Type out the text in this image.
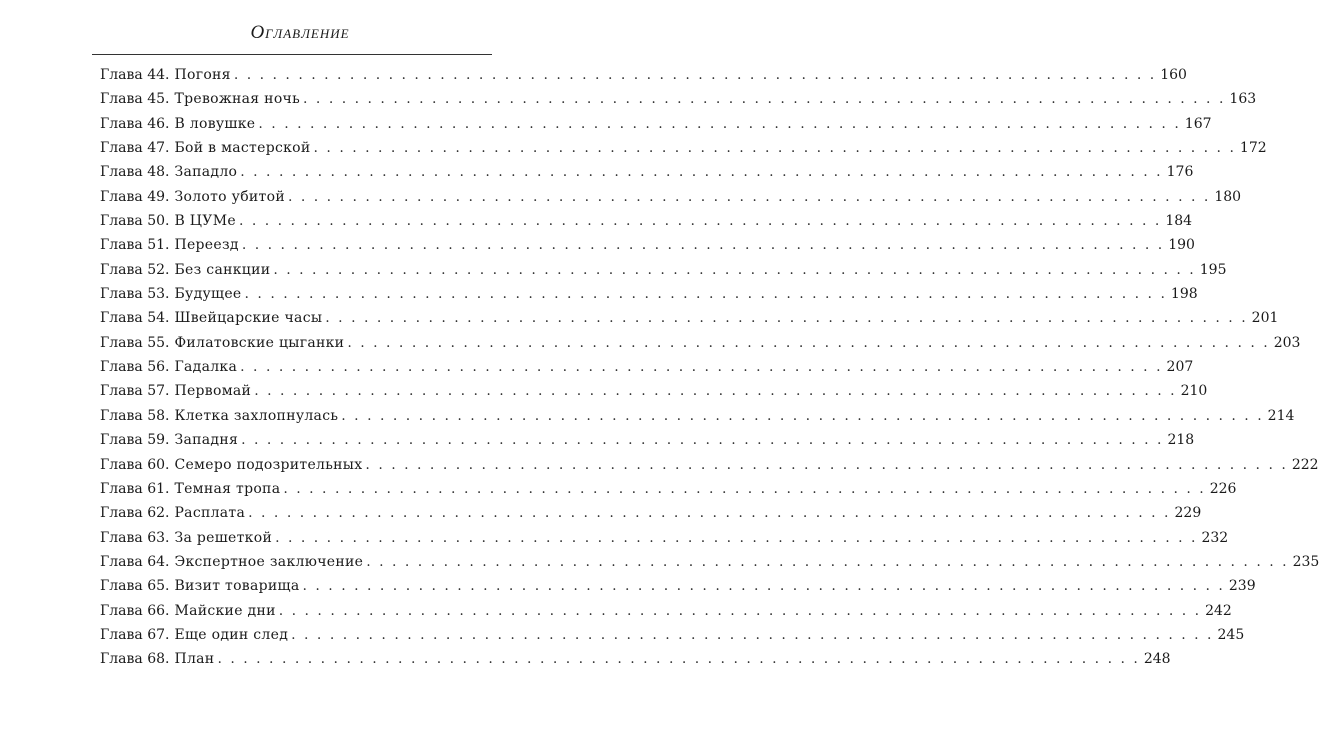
Оглавление
Глава 44. Погоня . . .	160
Глава 45. Тревожная ночь . . .	163
Глава 46. В ловушке . . .	167
Глава 47. Бой в мастерской . . .	172
Глава 48. Западло . . .	176
Глава 49. Золото убитой . . .	180
Глава 50. В ЦУМе . . .	184
Глава 51. Переезд . . .	190
Глава 52. Без санкции . . .	195
Глава 53. Будущее . . .	198
Глава 54. Швейцарские часы . . .	201
Глава 55. Филатовские цыганки . . .	203
Глава 56. Гадалка . . .	207
Глава 57. Первомай . . .	210
Глава 58. Клетка захлопнулась . . .	214
Глава 59. Западня . . .	218
Глава 60. Семеро подозрительных . . .	222
Глава 61. Темная тропа . . .	226
Глава 62. Расплата . . .	229
Глава 63. За решеткой . . .	232
Глава 64. Экспертное заключение . . .	235
Глава 65. Визит товарища . . .	239
Глава 66. Майские дни . . .	242
Глава 67. Еще один след . . .	245
Глава 68. План . . .	248
